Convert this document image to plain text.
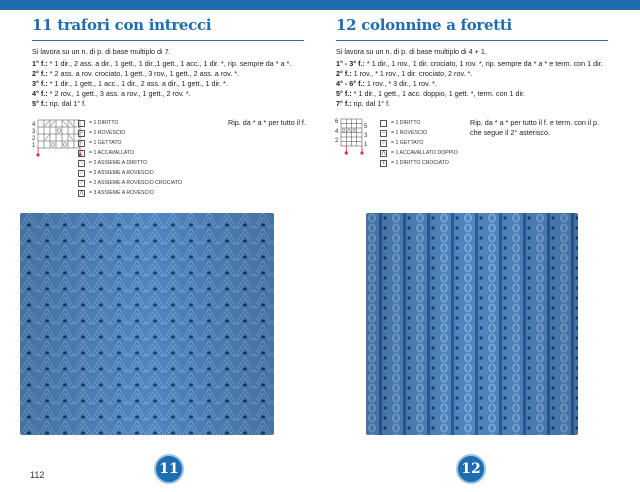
11 trafori con intrecci
Si lavora su un n. di p. di base multiplo di 7.
1° f.: * 1 dir., 2 ass. a dir., 1 gett., 1 dir.,1 gett., 1 acc., 1 dir. *, rip. sempre da * a *.
2° f.: * 2 ass. a rov. crociato, 1 gett., 3 rov., 1 gett., 2 ass. a rov. *.
3° f.: * 1 dir., 1 gett., 1 acc., 1 dir., 2 ass. a dir., 1 gett., 1 dir. *.
4° f.: * 2 rov., 1 gett., 3 ass. a rov., 1 gett., 2 rov. *.
5° f.: rip. dal 1° f.
4
3
2
1
= 1 DIRITTO
–	= 1 ROVESCIO
○	= 1 GETTATO
⟋	= 1 ACCAVALLATO
⟍	= 2 ASSIEME A DIRITTO
⟋	= 2 ASSIEME A ROVESCIO
⟋	= 2 ASSIEME A ROVESCIO CROCIATO
⋀ = 3 ASSIEME A ROVESCIO
Rip. da * a * per tutto il f.
12 colonnine a foretti
Si lavora su un n. di p. di base multiplo di 4 + 1.
1° - 3° f.: * 1 dir., 1 rov., 1 dir. crociato, 1 rov. *, rip. sempre da * a * e term. con 1 dir.
2° f.: 1 rov., * 1 rov., 1 dir. crociato, 2 rov. *.
4° - 6° f.: 1 rov., * 3 dir., 1 rov. *.
5° f.: * 1 dir., 1 gett., 1 acc. doppio, 1 gett. *, term. con 1 dir.
7° f.: rip. dal 1° f.
6
4
2
5
3
1
= 1 DIRITTO
–	= 1 ROVESCIO
○	= 1 GETTATO
⋀ = 1 ACCAVALLATO DOPPIO
ℓ	= 1 DIRITTO CROCIATO
Rip. da * a * per tutto il f. e term. con il p.
che segue il 2° asterisco.
11	12
112
